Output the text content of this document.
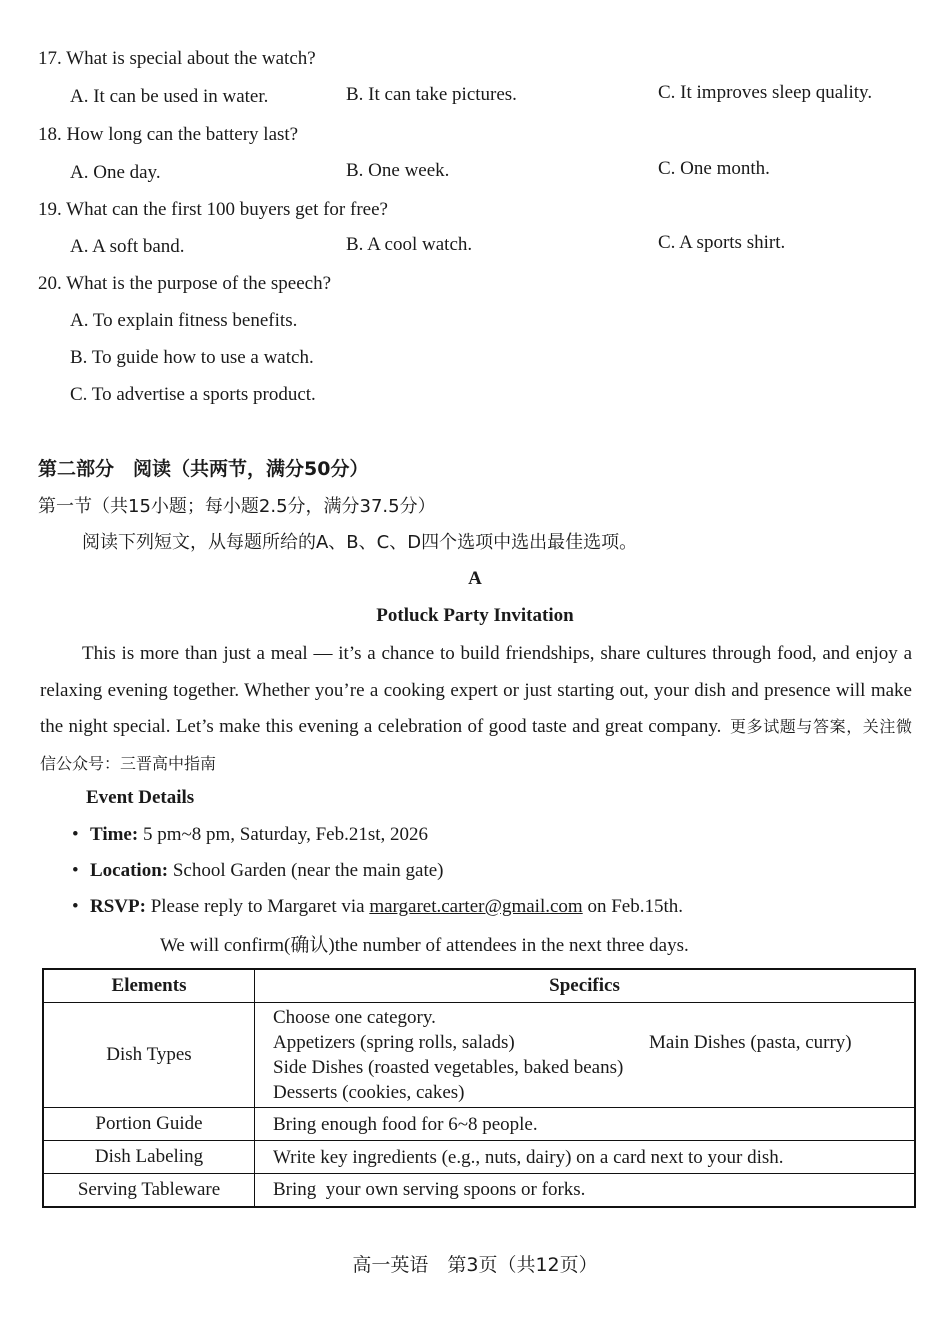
17. What is special about the watch?
A. It can be used in water.	B. It can take pictures.	C. It improves sleep quality.
18. How long can the battery last?
A. One day.	B. One week.	C. One month.
19. What can the first 100 buyers get for free?
A. A soft band.	B. A cool watch.	C. A sports shirt.
20. What is the purpose of the speech?
A. To explain fitness benefits.
B. To guide how to use a watch.
C. To advertise a sports product.
第二部分　阅读（共两节，满分50分）
第一节（共15小题；每小题2.5分，满分37.5分）
阅读下列短文，从每题所给的A、B、C、D四个选项中选出最佳选项。
A
Potluck Party Invitation
This is more than just a meal — it’s a chance to build friendships, share cultures through food, and enjoy a relaxing evening together. Whether you’re a cooking expert or just starting out, your dish and presence will make the night special. Let’s make this evening a celebration of good taste and great company. 更多试题与答案，关注微信公众号：三晋高中指南
Event Details
• Time: 5 pm~8 pm, Saturday, Feb.21st, 2026
• Location: School Garden (near the main gate)
• RSVP: Please reply to Margaret via margaret.carter@gmail.com on Feb.15th.
We will confirm(确认)the number of attendees in the next three days.
Elements	Specifics
Dish Types	Choose one category.
Appetizers (spring rolls, salads) Main Dishes (pasta, curry)
Side Dishes (roasted vegetables, baked beans)
Desserts (cookies, cakes)

Portion Guide	Bring enough food for 6~8 people.
Dish Labeling	Write key ingredients (e.g., nuts, dairy) on a card next to your dish.
Serving Tableware	Bring  your own serving spoons or forks.
高一英语　第3页（共12页）
